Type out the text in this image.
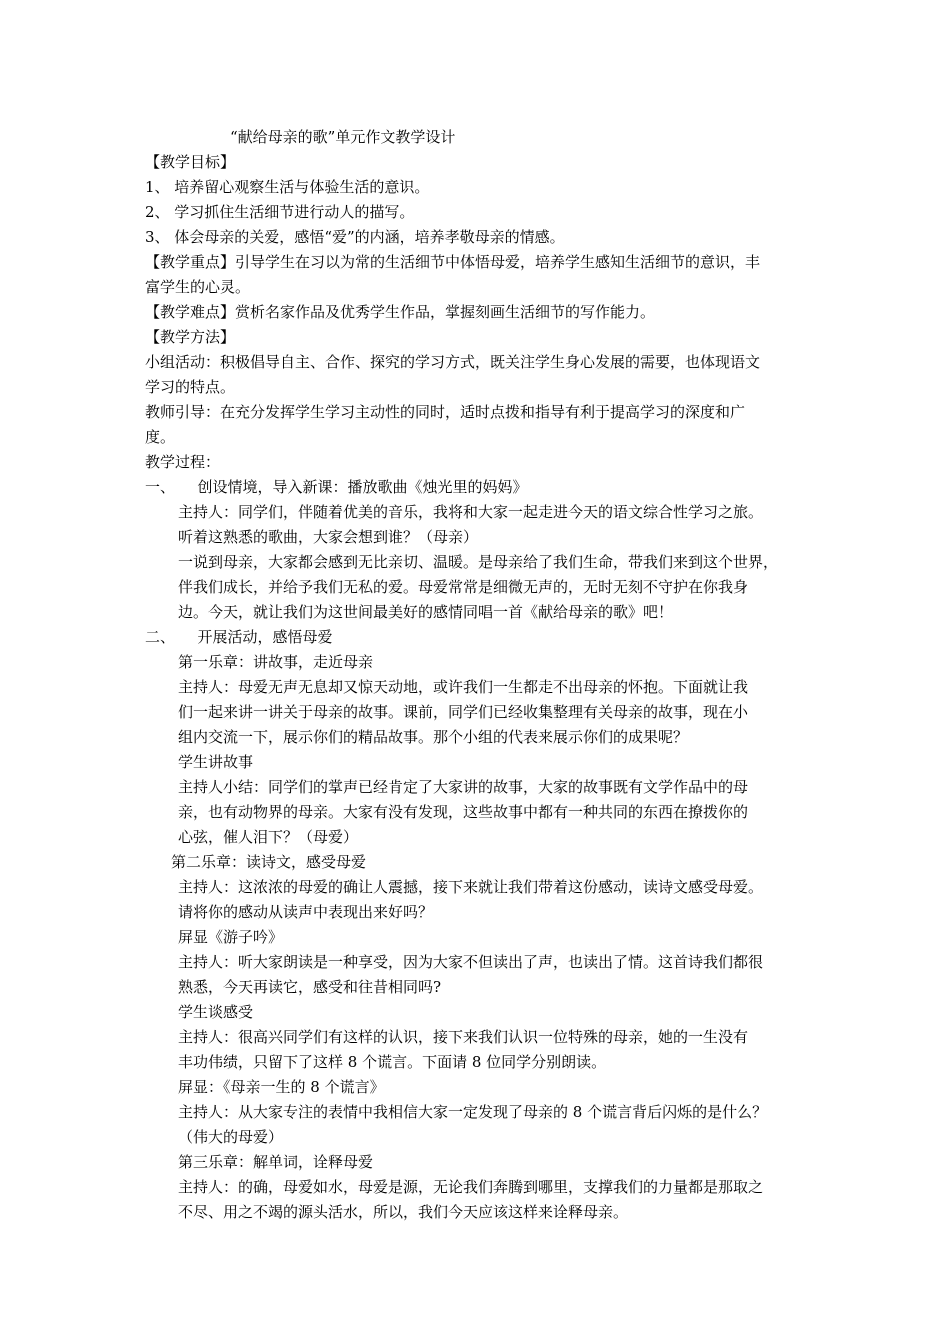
“献给母亲的歌”单元作文教学设计
【教学目标】
1、 培养留心观察生活与体验生活的意识。
2、 学习抓住生活细节进行动人的描写。
3、 体会母亲的关爱，感悟“爱”的内涵，培养孝敬母亲的情感。
【教学重点】引导学生在习以为常的生活细节中体悟母爱，培养学生感知生活细节的意识，丰
富学生的心灵。
【教学难点】赏析名家作品及优秀学生作品，掌握刻画生活细节的写作能力。
【教学方法】
小组活动：积极倡导自主、合作、探究的学习方式，既关注学生身心发展的需要，也体现语文
学习的特点。
教师引导：在充分发挥学生学习主动性的同时，适时点拨和指导有利于提高学习的深度和广
度。
教学过程：
一、　　创设情境，导入新课：播放歌曲《烛光里的妈妈》
主持人：同学们，伴随着优美的音乐，我将和大家一起走进今天的语文综合性学习之旅。
听着这熟悉的歌曲，大家会想到谁？（母亲）
一说到母亲，大家都会感到无比亲切、温暖。是母亲给了我们生命，带我们来到这个世界，
伴我们成长，并给予我们无私的爱。母爱常常是细微无声的，无时无刻不守护在你我身
边。今天，就让我们为这世间最美好的感情同唱一首《献给母亲的歌》吧！
二、　　开展活动，感悟母爱
第一乐章：讲故事，走近母亲
主持人：母爱无声无息却又惊天动地，或许我们一生都走不出母亲的怀抱。下面就让我
们一起来讲一讲关于母亲的故事。课前，同学们已经收集整理有关母亲的故事，现在小
组内交流一下，展示你们的精品故事。那个小组的代表来展示你们的成果呢？
学生讲故事
主持人小结：同学们的掌声已经肯定了大家讲的故事，大家的故事既有文学作品中的母
亲，也有动物界的母亲。大家有没有发现，这些故事中都有一种共同的东西在撩拨你的
心弦，催人泪下？（母爱）
第二乐章：读诗文，感受母爱
主持人：这浓浓的母爱的确让人震撼，接下来就让我们带着这份感动，读诗文感受母爱。
请将你的感动从读声中表现出来好吗？
屏显《游子吟》
主持人：听大家朗读是一种享受，因为大家不但读出了声，也读出了情。这首诗我们都很
熟悉，今天再读它，感受和往昔相同吗?
学生谈感受
主持人：很高兴同学们有这样的认识，接下来我们认识一位特殊的母亲，她的一生没有
丰功伟绩，只留下了这样 8 个谎言。下面请 8 位同学分别朗读。
屏显：《母亲一生的 8 个谎言》
主持人：从大家专注的表情中我相信大家一定发现了母亲的 8 个谎言背后闪烁的是什么？
（伟大的母爱）
第三乐章：解单词，诠释母爱
主持人：的确，母爱如水，母爱是源，无论我们奔腾到哪里，支撑我们的力量都是那取之
不尽、用之不竭的源头活水，所以，我们今天应该这样来诠释母亲。
